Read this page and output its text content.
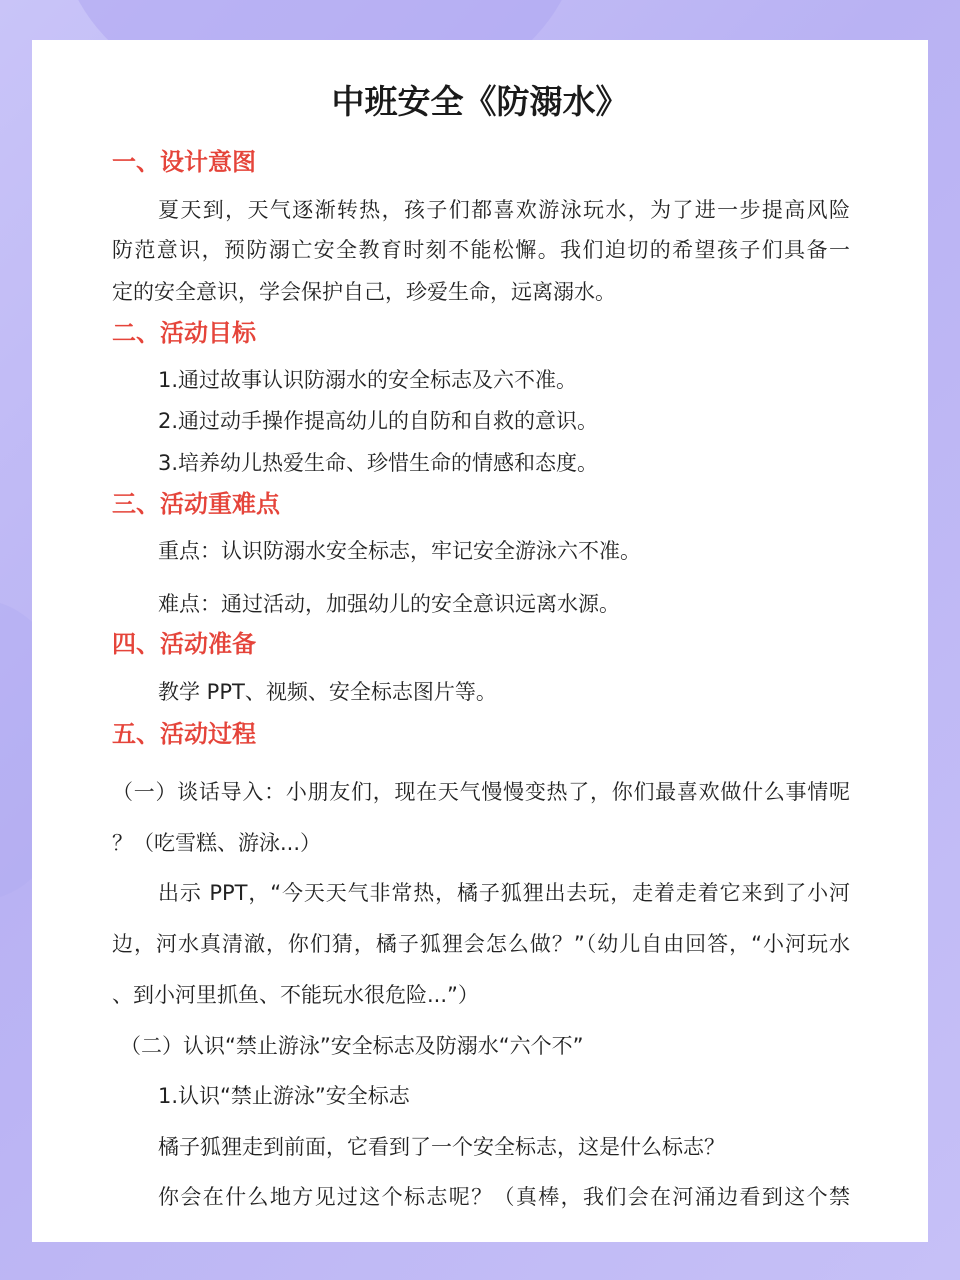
中班安全《防溺水》
一、设计意图
夏天到，天气逐渐转热，孩子们都喜欢游泳玩水，为了进一步提高风险
防范意识，预防溺亡安全教育时刻不能松懈。我们迫切的希望孩子们具备一
定的安全意识，学会保护自己，珍爱生命，远离溺水。
二、活动目标
1.通过故事认识防溺水的安全标志及六不准。
2.通过动手操作提高幼儿的自防和自救的意识。
3.培养幼儿热爱生命、珍惜生命的情感和态度。
三、活动重难点
重点：认识防溺水安全标志，牢记安全游泳六不准。
难点：通过活动，加强幼儿的安全意识远离水源。
四、活动准备
教学 PPT、视频、安全标志图片等。
五、活动过程
（一）谈话导入：小朋友们，现在天气慢慢变热了，你们最喜欢做什么事情呢
？（吃雪糕、游泳...）
出示 PPT，“今天天气非常热，橘子狐狸出去玩，走着走着它来到了小河
边，河水真清澈，你们猜，橘子狐狸会怎么做？”（幼儿自由回答，“小河玩水
、到小河里抓鱼、不能玩水很危险...”）
（二）认识“禁止游泳”安全标志及防溺水“六个不”
1.认识“禁止游泳”安全标志
橘子狐狸走到前面，它看到了一个安全标志，这是什么标志？
你会在什么地方见过这个标志呢？（真棒，我们会在河涌边看到这个禁
